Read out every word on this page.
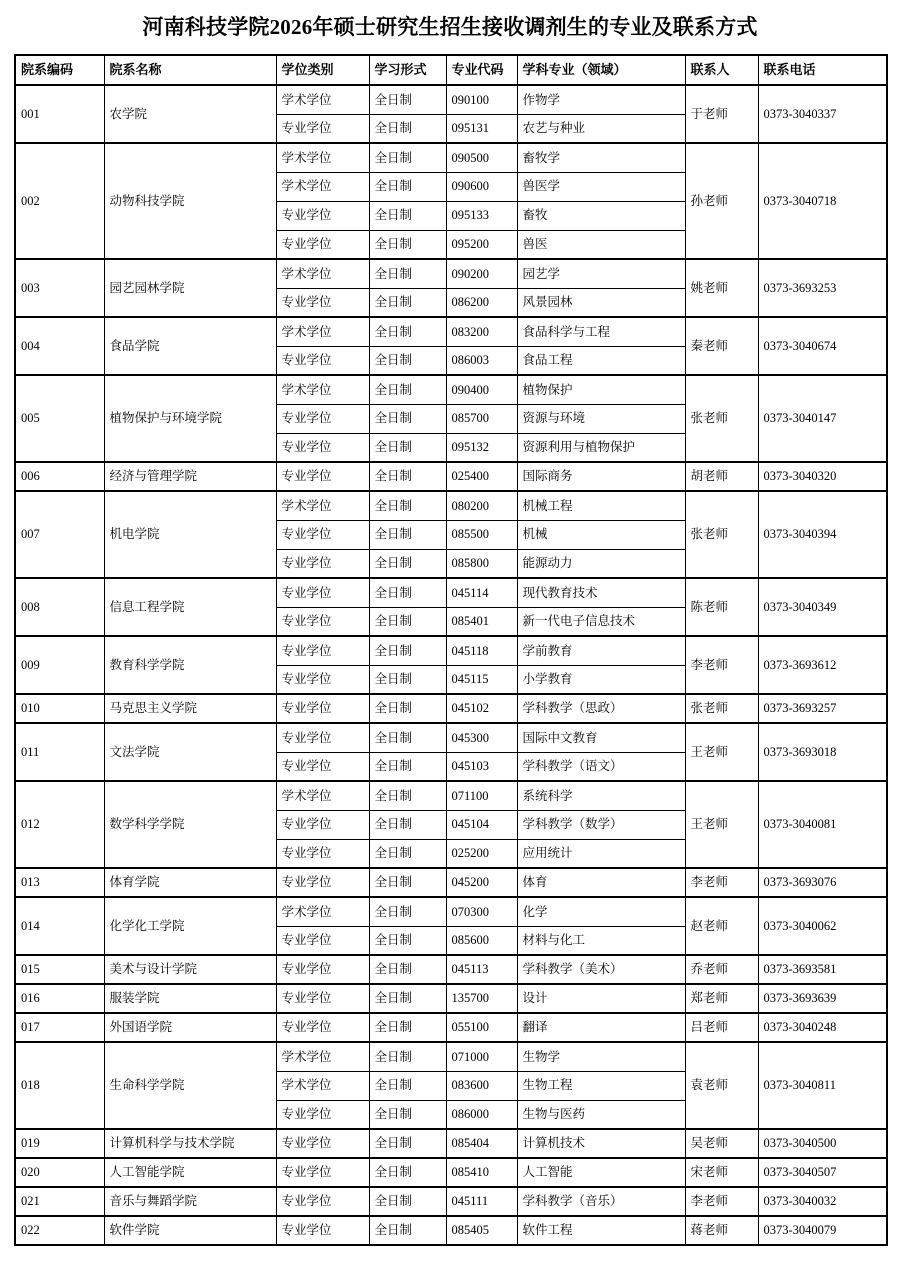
河南科技学院2026年硕士研究生招生接收调剂生的专业及联系方式
院系编码	院系名称	学位类别	学习形式	专业代码	学科专业（领域）	联系人	联系电话
001	农学院	学术学位	全日制	090100	作物学	于老师	0373-3040337
		专业学位	全日制	095131	农艺与种业		
002	动物科技学院	学术学位	全日制	090500	畜牧学	孙老师	0373-3040718
		学术学位	全日制	090600	兽医学		
		专业学位	全日制	095133	畜牧		
		专业学位	全日制	095200	兽医		
003	园艺园林学院	学术学位	全日制	090200	园艺学	姚老师	0373-3693253
		专业学位	全日制	086200	风景园林		
004	食品学院	学术学位	全日制	083200	食品科学与工程	秦老师	0373-3040674
		专业学位	全日制	086003	食品工程		
005	植物保护与环境学院	学术学位	全日制	090400	植物保护	张老师	0373-3040147
		专业学位	全日制	085700	资源与环境		
		专业学位	全日制	095132	资源利用与植物保护		
006	经济与管理学院	专业学位	全日制	025400	国际商务	胡老师	0373-3040320
007	机电学院	学术学位	全日制	080200	机械工程	张老师	0373-3040394
		专业学位	全日制	085500	机械		
		专业学位	全日制	085800	能源动力		
008	信息工程学院	专业学位	全日制	045114	现代教育技术	陈老师	0373-3040349
		专业学位	全日制	085401	新一代电子信息技术		
009	教育科学学院	专业学位	全日制	045118	学前教育	李老师	0373-3693612
		专业学位	全日制	045115	小学教育		
010	马克思主义学院	专业学位	全日制	045102	学科教学（思政）	张老师	0373-3693257
011	文法学院	专业学位	全日制	045300	国际中文教育	王老师	0373-3693018
		专业学位	全日制	045103	学科教学（语文）		
012	数学科学学院	学术学位	全日制	071100	系统科学	王老师	0373-3040081
		专业学位	全日制	045104	学科教学（数学）		
		专业学位	全日制	025200	应用统计		
013	体育学院	专业学位	全日制	045200	体育	李老师	0373-3693076
014	化学化工学院	学术学位	全日制	070300	化学	赵老师	0373-3040062
		专业学位	全日制	085600	材料与化工		
015	美术与设计学院	专业学位	全日制	045113	学科教学（美术）	乔老师	0373-3693581
016	服装学院	专业学位	全日制	135700	设计	郑老师	0373-3693639
017	外国语学院	专业学位	全日制	055100	翻译	吕老师	0373-3040248
018	生命科学学院	学术学位	全日制	071000	生物学	袁老师	0373-3040811
		学术学位	全日制	083600	生物工程		
		专业学位	全日制	086000	生物与医药		
019	计算机科学与技术学院	专业学位	全日制	085404	计算机技术	吴老师	0373-3040500
020	人工智能学院	专业学位	全日制	085410	人工智能	宋老师	0373-3040507
021	音乐与舞蹈学院	专业学位	全日制	045111	学科教学（音乐）	李老师	0373-3040032
022	软件学院	专业学位	全日制	085405	软件工程	蒋老师	0373-3040079
